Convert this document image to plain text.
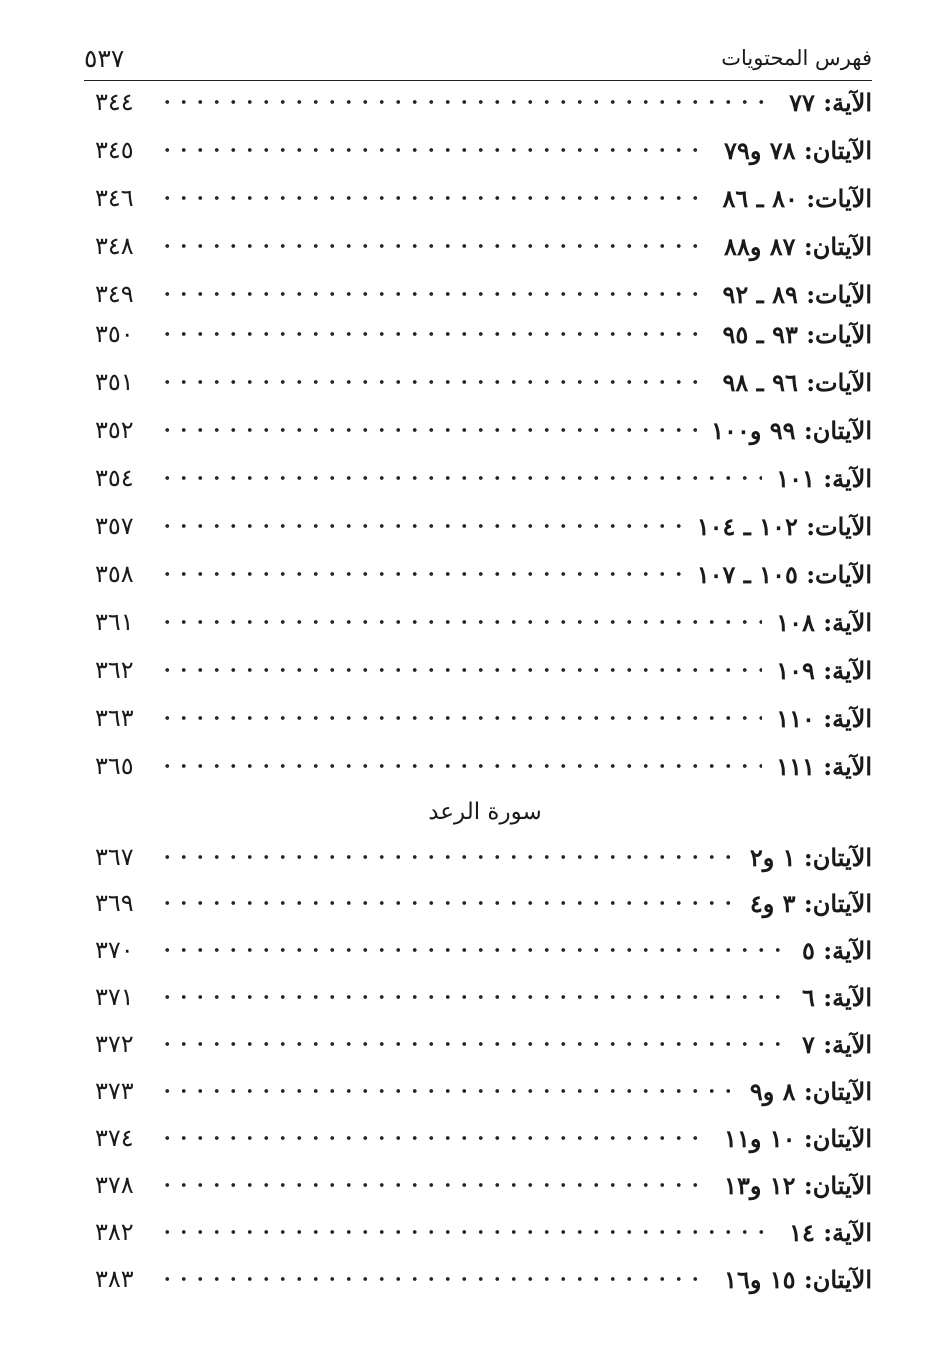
٥٣٧	فهرس المحتويات
الآية: ٧٧
٣٤٤
الآيتان: ٧٨ و٧٩
٣٤٥
الآيات: ٨٠ ـ ٨٦
٣٤٦
الآيتان: ٨٧ و٨٨
٣٤٨
الآيات: ٨٩ ـ ٩٢
٣٤٩
الآيات: ٩٣ ـ ٩٥
٣٥٠
الآيات: ٩٦ ـ ٩٨
٣٥١
الآيتان: ٩٩ و١٠٠
٣٥٢
الآية: ١٠١
٣٥٤
الآيات: ١٠٢ ـ ١٠٤
٣٥٧
الآيات: ١٠٥ ـ ١٠٧
٣٥٨
الآية: ١٠٨
٣٦١
الآية: ١٠٩
٣٦٢
الآية: ١١٠
٣٦٣
الآية: ١١١
٣٦٥
سورة الرعد
الآيتان: ١ و٢
٣٦٧
الآيتان: ٣ و٤
٣٦٩
الآية: ٥
٣٧٠
الآية: ٦
٣٧١
الآية: ٧
٣٧٢
الآيتان: ٨ و٩
٣٧٣
الآيتان: ١٠ و١١
٣٧٤
الآيتان: ١٢ و١٣
٣٧٨
الآية: ١٤
٣٨٢
الآيتان: ١٥ و١٦
٣٨٣
